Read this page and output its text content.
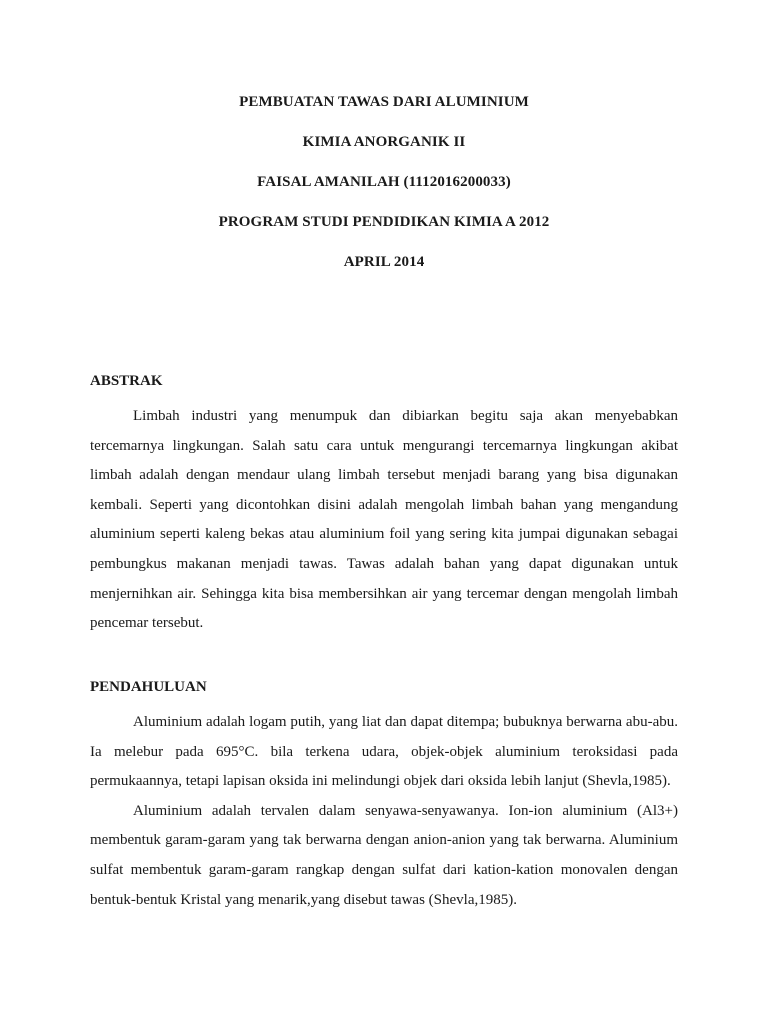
PEMBUATAN TAWAS DARI ALUMINIUM
KIMIA ANORGANIK II
FAISAL AMANILAH (1112016200033)
PROGRAM STUDI PENDIDIKAN KIMIA A 2012
APRIL 2014

ABSTRAK

Limbah industri yang menumpuk dan dibiarkan begitu saja akan menyebabkan tercemarnya lingkungan. Salah satu cara untuk mengurangi tercemarnya lingkungan akibat limbah adalah dengan mendaur ulang limbah tersebut menjadi barang yang bisa digunakan kembali. Seperti yang dicontohkan disini adalah mengolah limbah bahan yang mengandung aluminium seperti kaleng bekas atau aluminium foil yang sering kita jumpai digunakan sebagai pembungkus makanan menjadi tawas. Tawas adalah bahan yang dapat digunakan untuk menjernihkan air. Sehingga kita bisa membersihkan air yang tercemar dengan mengolah limbah pencemar tersebut.

PENDAHULUAN

Aluminium adalah logam putih, yang liat dan dapat ditempa; bubuknya berwarna abu-abu. Ia melebur pada 695°C. bila terkena udara, objek-objek aluminium teroksidasi pada permukaannya, tetapi lapisan oksida ini melindungi objek dari oksida lebih lanjut (Shevla,1985).

Aluminium adalah tervalen dalam senyawa-senyawanya. Ion-ion aluminium (Al3+) membentuk garam-garam yang tak berwarna dengan anion-anion yang tak berwarna. Aluminium sulfat membentuk garam-garam rangkap dengan sulfat dari kation-kation monovalen dengan bentuk-bentuk Kristal yang menarik,yang disebut tawas (Shevla,1985).
